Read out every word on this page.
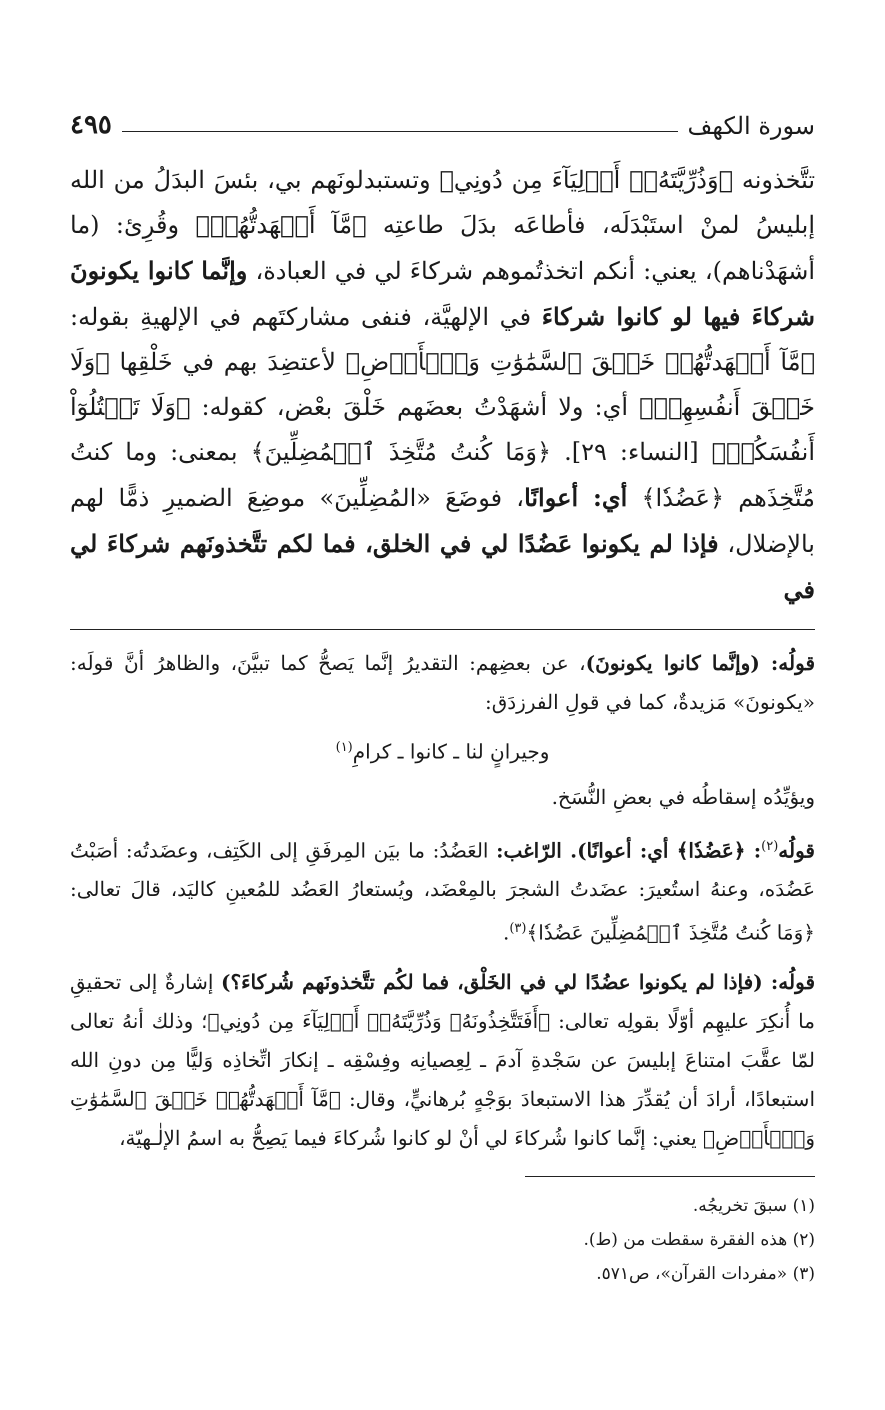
سورة الكهف
٤٩٥

تتَّخذونه ﴿وَذُرِّيَّتَهُۥٓ أَوۡلِيَآءَ مِن دُونِي﴾ وتستبدلونَهم بي، بئسَ البدَلُ من الله إبليسُ لمنْ استَبْدَلَه، فأطاعَه بدَلَ طاعتِه ﴿مَّآ أَشۡهَدتُّهُمۡ﴾ وقُرِئ: (ما أشهَدْناهم)، يعني: أنكم اتخذتُموهم شركاءَ لي في العبادة، وإنَّما كانوا يكونونَ شركاءَ فيها لو كانوا شركاءَ في الإلهيَّة، فنفى مشاركتَهم في الإلهيةِ بقوله: ﴿مَّآ أَشۡهَدتُّهُمۡ خَلۡقَ ٱلسَّمَٰوَٰتِ وَٱلۡأَرۡضِ﴾ لأعتضِدَ بهم في خَلْقِها ﴿وَلَا خَلۡقَ أَنفُسِهِمۡ﴾ أي: ولا أشهَدْتُ بعضَهم خَلْقَ بعْض، كقوله: ﴿وَلَا تَقۡتُلُوٓاْ أَنفُسَكُمۡ﴾ [النساء: ٢٩]. ﴿وَمَا كُنتُ مُتَّخِذَ ٱلۡمُضِلِّينَ﴾ بمعنى: وما كنتُ مُتَّخِذَهم ﴿عَضُدٗا﴾ أي: أعوانًا، فوضَعَ «المُضِلِّينَ» موضِعَ الضميرِ ذمًّا لهم بالإضلال، فإذا لم يكونوا عَضُدًا لي في الخلق، فما لكم تتَّخذونَهم شركاءَ لي في

قولُه: (وإنَّما كانوا يكونونَ)، عن بعضِهم: التقديرُ إنَّما يَصحُّ كما تبيَّنَ، والظاهرُ أنَّ قولَه: «يكونونَ» مَزيدةٌ، كما في قولِ الفرزدَق:

وجيرانٍ لنا ـ كانوا ـ كرامِ$^{(١)}$

ويؤيِّدُه إسقاطُه في بعضِ النُّسَخ.

قولُه$^{(٢)}$: ﴿عَضُدٗا﴾ أي: أعوانًا). الرّاغب: العَضُدُ: ما بيَن المِرفَقِ إلى الكَتِف، وعضَدتُه: أصَبْتُ عَضُدَه، وعنهُ استُعيرَ: عضَدتُ الشجرَ بالمِعْضَد، ويُستعارُ العَضُد للمُعينِ كاليَد، قالَ تعالى: ﴿وَمَا كُنتُ مُتَّخِذَ ٱلۡمُضِلِّينَ عَضُدٗا﴾$^{(٣)}$.

قولُه: (فإذا لم يكونوا عضُدًا لي في الخَلْق، فما لكُم تتَّخذونَهم شُركاءَ؟) إشارةٌ إلى تحقيقِ ما أُنكِرَ عليهِم أوّلًا بقولِه تعالى: ﴿أَفَتَتَّخِذُونَهُۥ وَذُرِّيَّتَهُۥٓ أَوۡلِيَآءَ مِن دُونِي﴾؛ وذلك أنهُ تعالى لمّا عقَّبَ امتناعَ إبليسَ عن سَجْدةِ آدمَ ـ لِعِصيانِه وفِسْقِه ـ إنكارَ اتِّخاذِه وَليًّا مِن دونِ الله استبعادًا، أرادَ أن يُقدِّرَ هذا الاستبعادَ بوَجْهٍ بُرهانيٍّ، وقال: ﴿مَّآ أَشۡهَدتُّهُمۡ خَلۡقَ ٱلسَّمَٰوَٰتِ وَٱلۡأَرۡضِ﴾ يعني: إنَّما كانوا شُركاءَ لي أنْ لو كانوا شُركاءَ فيما يَصِحُّ به اسمُ الإلٰـهيّة،

(١) سبقَ تخريجُه.
(٢) هذه الفقرة سقطت من (ط).
(٣) «مفردات القرآن»، ص٥٧١.
